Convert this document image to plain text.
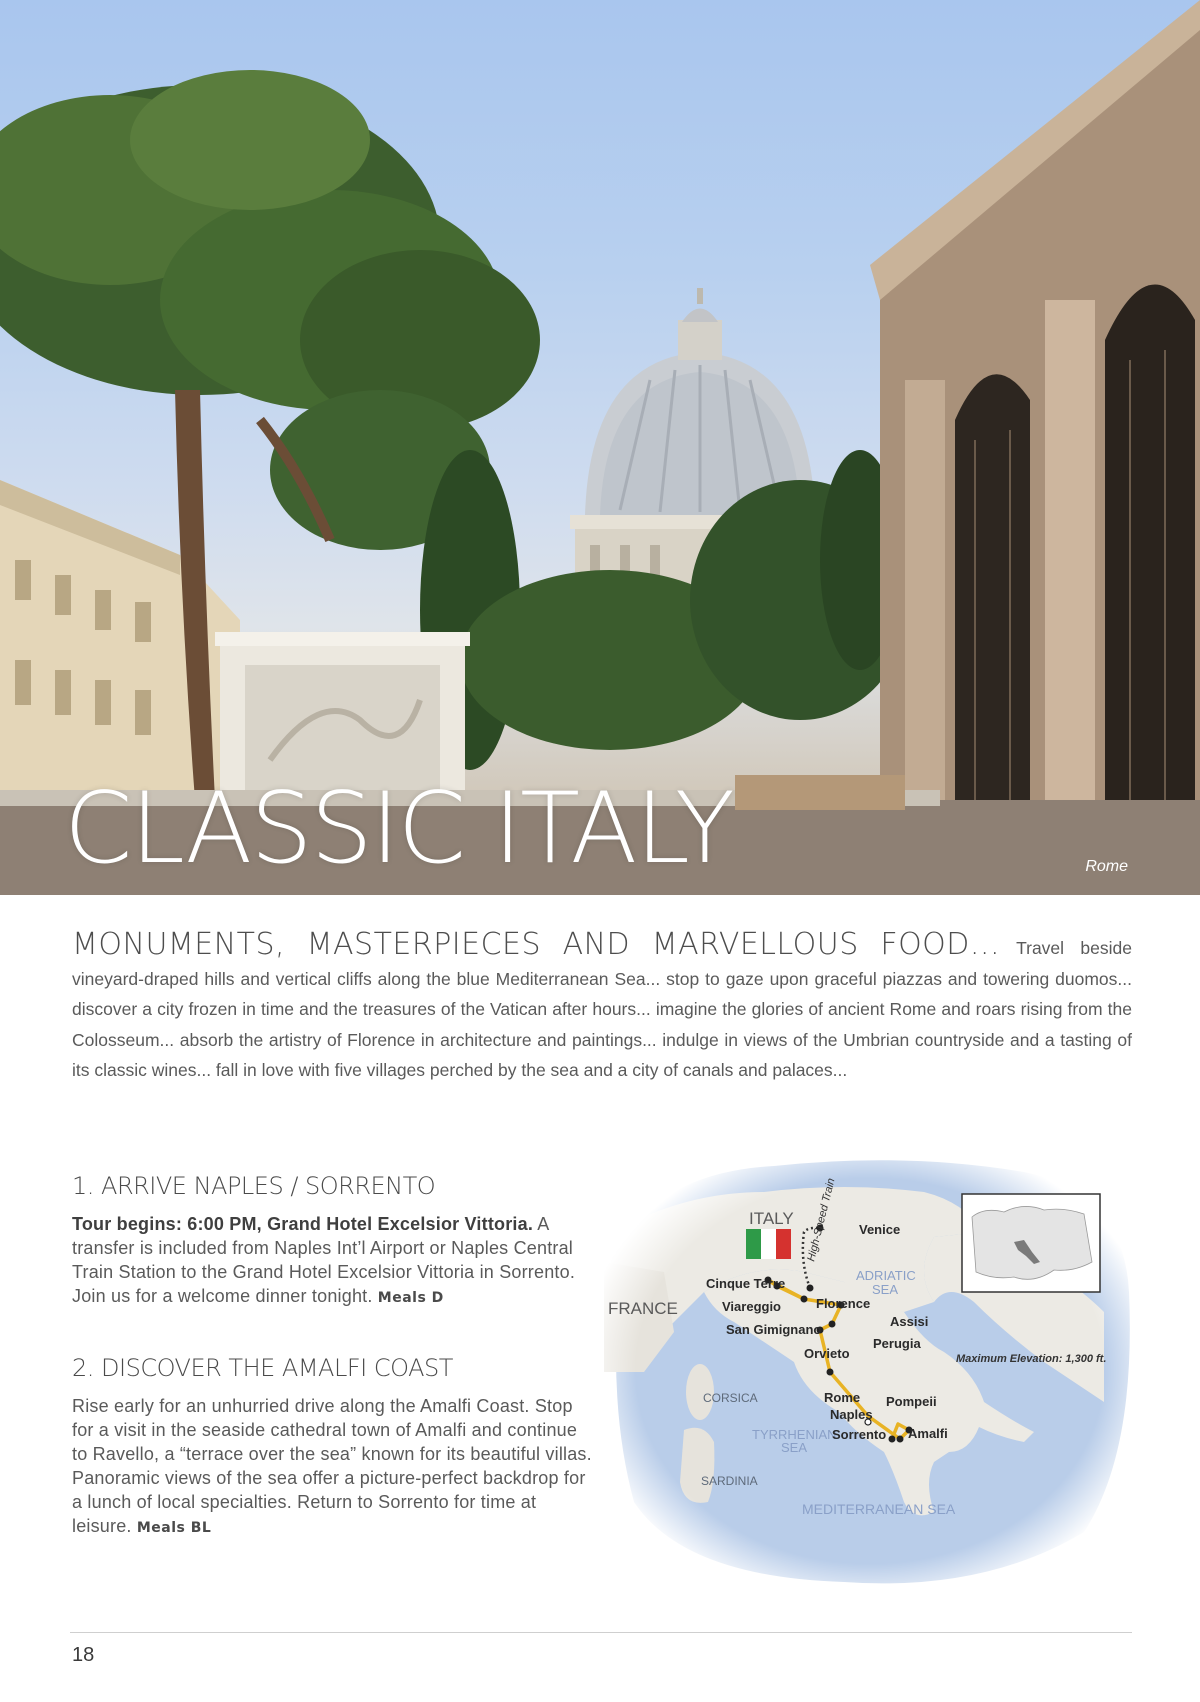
CLASSIC ITALY	Rome

MONUMENTS, MASTERPIECES AND MARVELLOUS FOOD... Travel beside vineyard-draped hills and vertical cliffs along the blue Mediterranean Sea... stop to gaze upon graceful piazzas and towering duomos... discover a city frozen in time and the treasures of the Vatican after hours... imagine the glories of ancient Rome and roars rising from the Colosseum... absorb the artistry of Florence in architecture and paintings... indulge in views of the Umbrian countryside and a tasting of its classic wines... fall in love with five villages perched by the sea and a city of canals and palaces...

1. ARRIVE NAPLES / SORRENTO

Tour begins: 6:00 PM, Grand Hotel Excelsior Vittoria. A transfer is included from Naples Int’l Airport or Naples Central Train Station to the Grand Hotel Excelsior Vittoria in Sorrento. Join us for a welcome dinner tonight. Meals D

2. DISCOVER THE AMALFI COAST

Rise early for an unhurried drive along the Amalfi Coast. Stop for a visit in the seaside cathedral town of Amalfi and continue to Ravello, a “terrace over the sea” known for its beautiful villas. Panoramic views of the sea offer a picture-perfect backdrop for a lunch of local specialties. Return to Sorrento for time at leisure. Meals BL

ITALY
FRANCE
ADRIATIC
SEA
TYRRHENIAN
SEA
MEDITERRANEAN SEA
CORSICA
SARDINIA
High-Speed Train
Maximum Elevation: 1,300 ft.
Venice
Cinque Terre
Viareggio
San Gimignano
Florence
Assisi
Perugia
Orvieto
Rome Pompeii
Naples
Sorrento Amalfi
18
